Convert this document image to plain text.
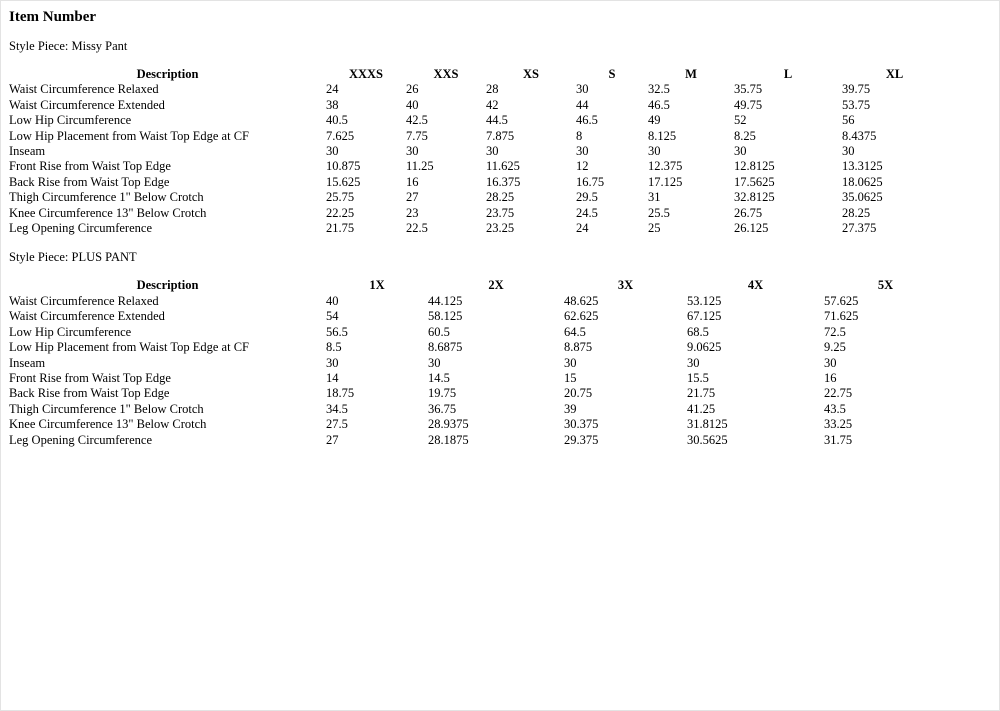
Item Number

Style Piece: Missy Pant

Description	XXXS	XXS	XS	S	M	L	XL
Waist Circumference Relaxed	24	26	28	30	32.5	35.75	39.75
Waist Circumference Extended	38	40	42	44	46.5	49.75	53.75
Low Hip Circumference	40.5	42.5	44.5	46.5	49	52	56
Low Hip Placement from Waist Top Edge at CF	7.625	7.75	7.875	8	8.125	8.25	8.4375
Inseam	30	30	30	30	30	30	30
Front Rise from Waist Top Edge	10.875	11.25	11.625	12	12.375	12.8125	13.3125
Back Rise from Waist Top Edge	15.625	16	16.375	16.75	17.125	17.5625	18.0625
Thigh Circumference 1" Below Crotch	25.75	27	28.25	29.5	31	32.8125	35.0625
Knee Circumference 13" Below Crotch	22.25	23	23.75	24.5	25.5	26.75	28.25
Leg Opening Circumference	21.75	22.5	23.25	24	25	26.125	27.375

Style Piece: PLUS PANT

Description	1X	2X	3X	4X	5X
Waist Circumference Relaxed	40	44.125	48.625	53.125	57.625
Waist Circumference Extended	54	58.125	62.625	67.125	71.625
Low Hip Circumference	56.5	60.5	64.5	68.5	72.5
Low Hip Placement from Waist Top Edge at CF	8.5	8.6875	8.875	9.0625	9.25
Inseam	30	30	30	30	30
Front Rise from Waist Top Edge	14	14.5	15	15.5	16
Back Rise from Waist Top Edge	18.75	19.75	20.75	21.75	22.75
Thigh Circumference 1" Below Crotch	34.5	36.75	39	41.25	43.5
Knee Circumference 13" Below Crotch	27.5	28.9375	30.375	31.8125	33.25
Leg Opening Circumference	27	28.1875	29.375	30.5625	31.75
